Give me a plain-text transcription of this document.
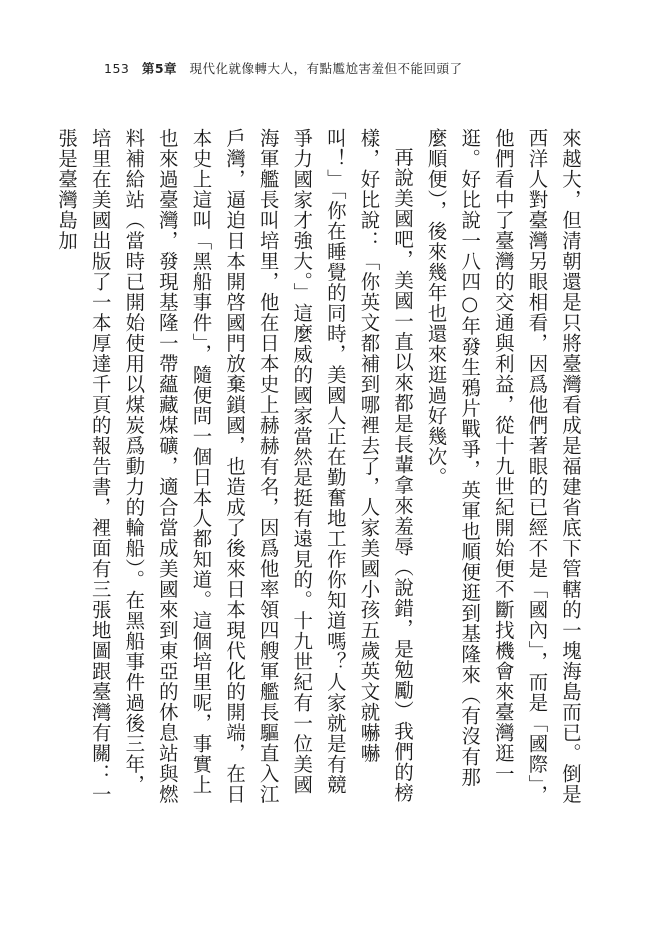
153 第5章 現代化就像轉大人，有點尷尬害羞但不能回頭了

來越大，但清朝還是只將臺灣看成是福建省底下管轄的一塊海島而已。倒是西洋人對臺灣另眼相看，因爲他們著眼的已經不是「國內」，而是「國際」，他們看中了臺灣的交通與利益，從十九世紀開始便不斷找機會來臺灣逛一逛。好比說一八四○年發生鴉片戰爭，英軍也順便逛到基隆來（有沒有那麼順便），後來幾年也還來逛過好幾次。

再說美國吧，美國一直以來都是長輩拿來羞辱（說錯，是勉勵）我們的榜樣，好比說：「你英文都補到哪裡去了，人家美國小孩五歲英文就嚇嚇叫！」「你在睡覺的同時，美國人正在勤奮地工作你知道嗎？人家就是有競爭力國家才強大。」這麼威的國家當然是挺有遠見的。十九世紀有一位美國海軍艦長叫培里，他在日本史上赫赫有名，因爲他率領四艘軍艦長驅直入江戶灣，逼迫日本開啓國門放棄鎖國，也造成了後來日本現代化的開端，在日本史上這叫「黑船事件」，隨便問一個日本人都知道。這個培里呢，事實上也來過臺灣，發現基隆一帶蘊藏煤礦，適合當成美國來到東亞的休息站與燃料補給站（當時已開始使用以煤炭爲動力的輪船）。在黑船事件過後三年，培里在美國出版了一本厚達千頁的報告書，裡面有三張地圖跟臺灣有關：一張是臺灣島加
